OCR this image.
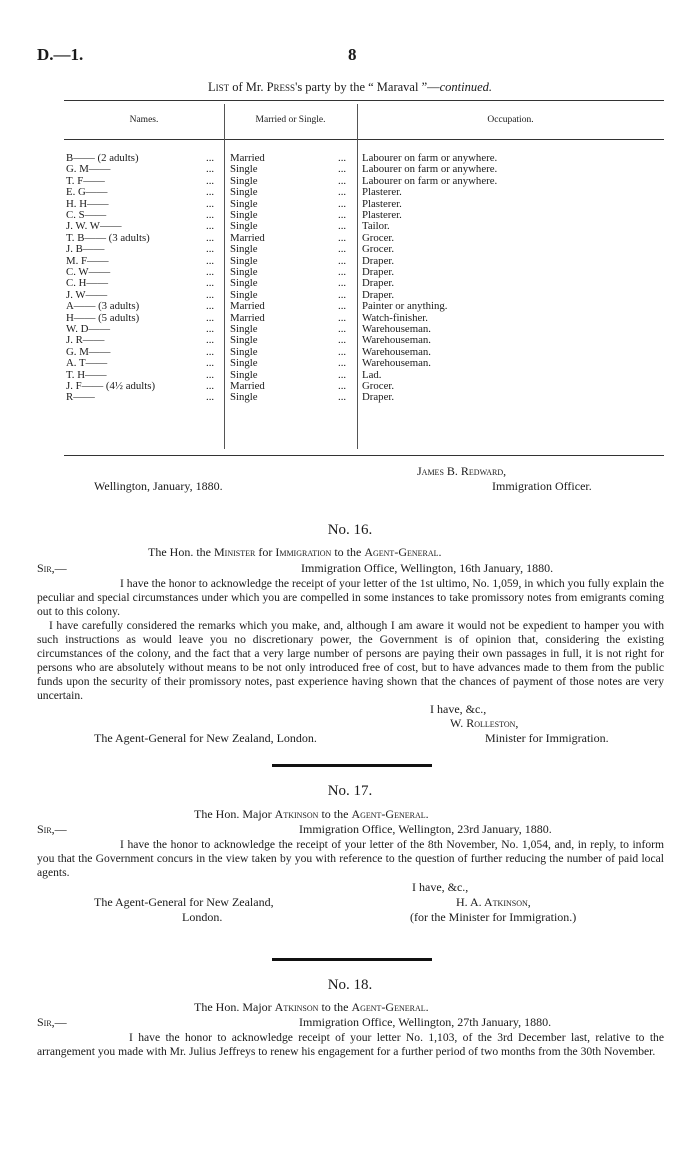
D.—1.	8
List of Mr. Press's party by the “ Maraval ”—continued.
Names.	Married or Single.	Occupation.
B—— (2 adults)	... Married	... Labourer on farm or anywhere.
G. M——	... Single	... Labourer on farm or anywhere.
T. F——	... Single	... Labourer on farm or anywhere.
E. G——	... Single	... Plasterer.
H. H——	... Single	... Plasterer.
C. S——	... Single	... Plasterer.
J. W. W——	... Single	... Tailor.
T. B—— (3 adults)	... Married	... Grocer.
J. B——	... Single	... Grocer.
M. F——	... Single	... Draper.
C. W——	... Single	... Draper.
C. H——	... Single	... Draper.
J. W——	... Single	... Draper.
A—— (3 adults)	... Married	... Painter or anything.
H—— (5 adults)	... Married	... Watch-finisher.
W. D——	... Single	... Warehouseman.
J. R——	... Single	... Warehouseman.
G. M——	... Single	... Warehouseman.
A. T——	... Single	... Warehouseman.
T. H——	... Single	... Lad.
J. F—— (4½ adults)	... Married	... Grocer.
R——	... Single	... Draper.
James B. Redward,
Wellington, January, 1880.	Immigration Officer.
No. 16.
The Hon. the Minister for Immigration to the Agent-General.
Sir,—	Immigration Office, Wellington, 16th January, 1880.
I have the honor to acknowledge the receipt of your letter of the 1st ultimo, No. 1,059, in which you fully explain the peculiar and special circumstances under which you are compelled in some instances to take promissory notes from emigrants coming out to this colony.
I have carefully considered the remarks which you make, and, although I am aware it would not be expedient to hamper you with such instructions as would leave you no discretionary power, the Government is of opinion that, considering the existing circumstances of the colony, and the fact that a very large number of persons are paying their own passages in full, it is not right for persons who are absolutely without means to be not only introduced free of cost, but to have advances made to them from the public funds upon the security of their promissory notes, past experience having shown that the chances of payment of those notes are very uncertain.
I have, &c.,
W. Rolleston,
The Agent-General for New Zealand, London.	Minister for Immigration.
No. 17.
The Hon. Major Atkinson to the Agent-General.
Sir,—	Immigration Office, Wellington, 23rd January, 1880.
I have the honor to acknowledge the receipt of your letter of the 8th November, No. 1,054, and, in reply, to inform you that the Government concurs in the view taken by you with reference to the question of further reducing the number of paid local agents.
I have, &c.,
The Agent-General for New Zealand,	H. A. Atkinson,
London.	(for the Minister for Immigration.)
No. 18.
The Hon. Major Atkinson to the Agent-General.
Sir,—	Immigration Office, Wellington, 27th January, 1880.
I have the honor to acknowledge receipt of your letter No. 1,103, of the 3rd December last, relative to the arrangement you made with Mr. Julius Jeffreys to renew his engagement for a further period of two months from the 30th November.
